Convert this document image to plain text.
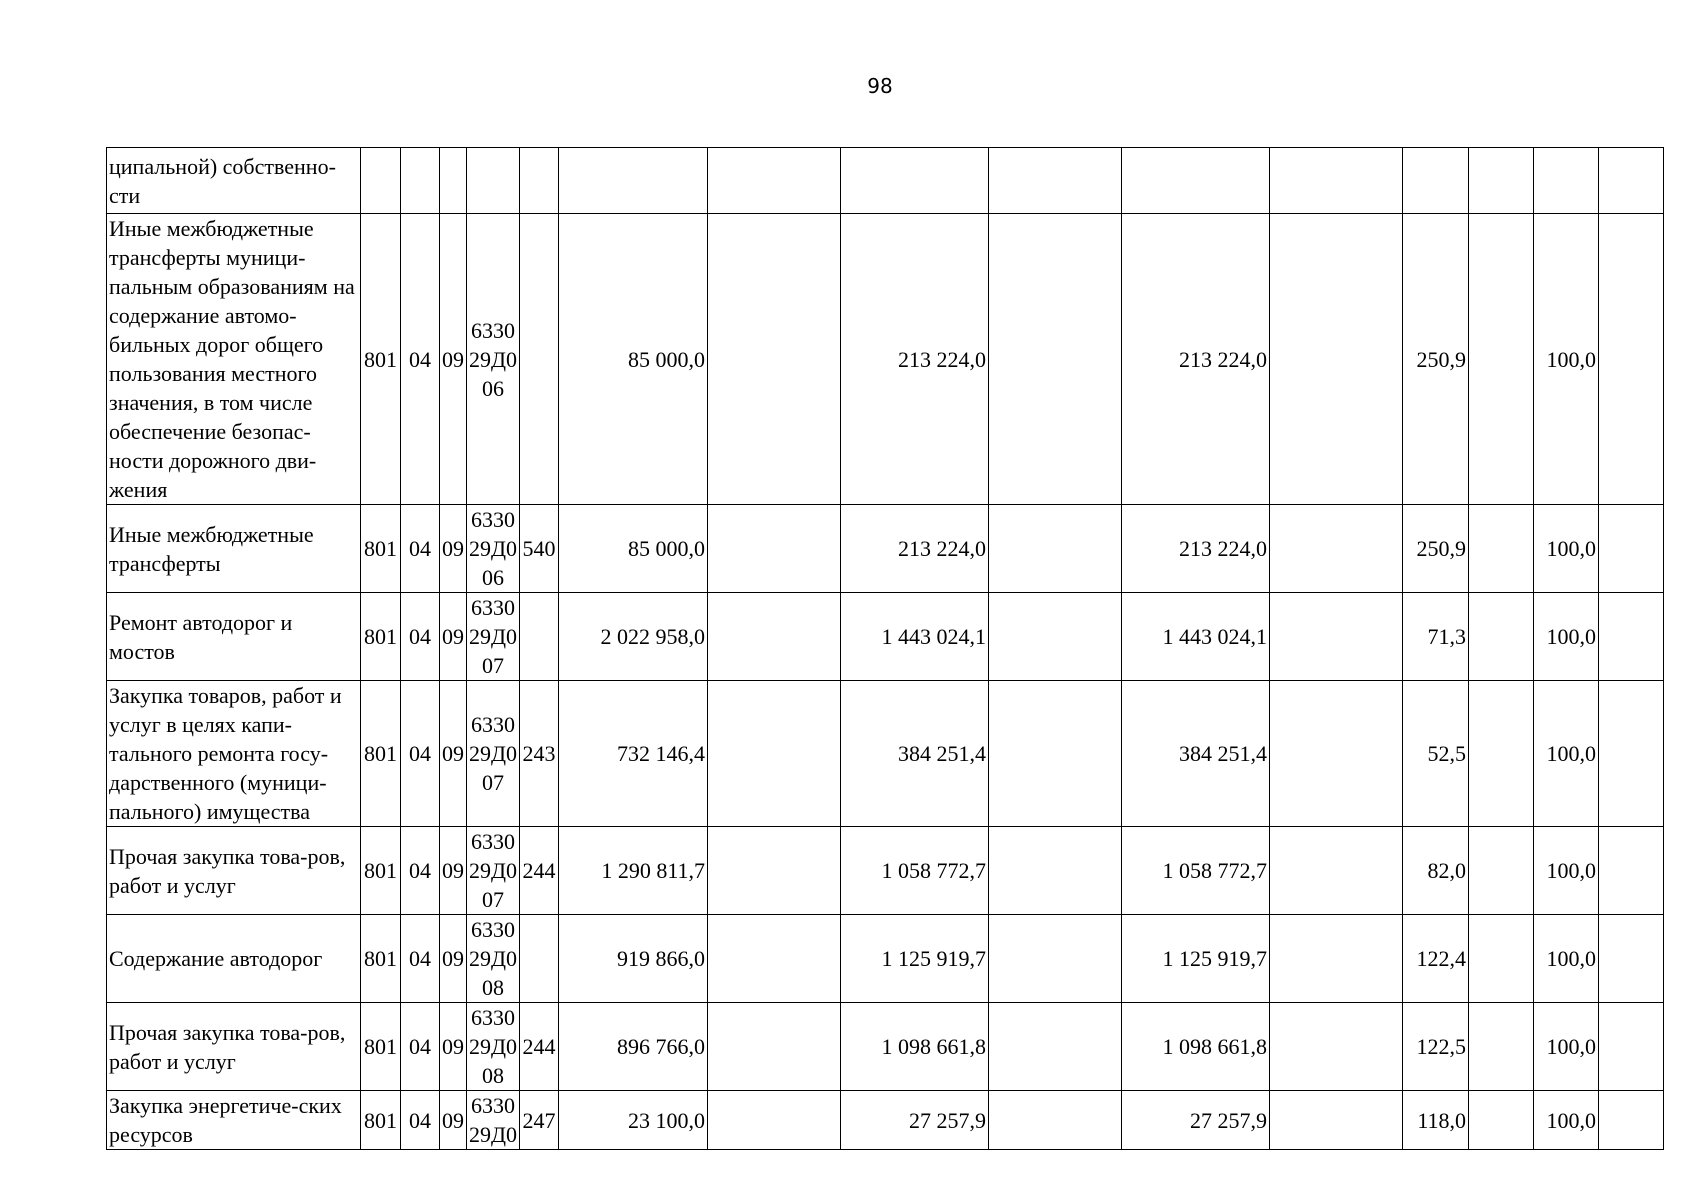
98
ципальной) собственно-сти															
Иные межбюджетные трансферты муници-пальным образованиям на содержание автомо-бильных дорог общего пользования местного значения, в том числе обеспечение безопас-ности дорожного дви-жения	801	04	09	6330 29Д0 06		85 000,0		213 224,0		213 224,0		250,9		100,0	
Иные межбюджетные трансферты	801	04	09	6330 29Д0 06	540	85 000,0		213 224,0		213 224,0		250,9		100,0	
Ремонт автодорог и мостов	801	04	09	6330 29Д0 07		2 022 958,0		1 443 024,1		1 443 024,1		71,3		100,0	
Закупка товаров, работ и услуг в целях капи-тального ремонта госу-дарственного (муници-пального) имущества	801	04	09	6330 29Д0 07	243	732 146,4		384 251,4		384 251,4		52,5		100,0	
Прочая закупка това-ров, работ и услуг	801	04	09	6330 29Д0 07	244	1 290 811,7		1 058 772,7		1 058 772,7		82,0		100,0	
Содержание автодорог	801	04	09	6330 29Д0 08		919 866,0		1 125 919,7		1 125 919,7		122,4		100,0	
Прочая закупка това-ров, работ и услуг	801	04	09	6330 29Д0 08	244	896 766,0		1 098 661,8		1 098 661,8		122,5		100,0	
Закупка энергетиче-ских ресурсов	801	04	09	6330 29Д0	247	23 100,0		27 257,9		27 257,9		118,0		100,0	
